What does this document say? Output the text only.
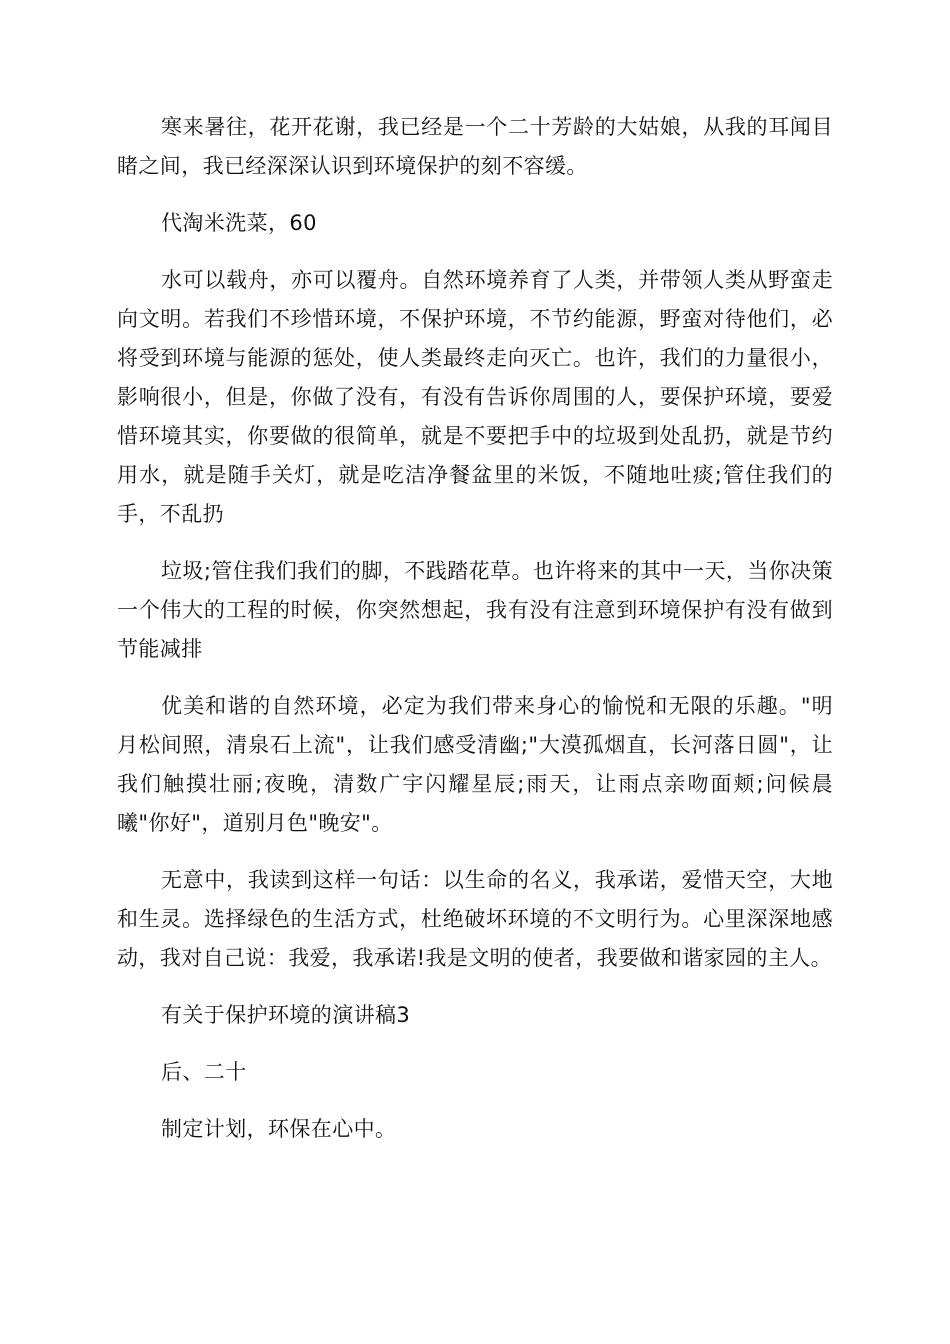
寒来暑往，花开花谢，我已经是一个二十芳龄的大姑娘，从我的耳闻目睹之间，我已经深深认识到环境保护的刻不容缓。

代淘米洗菜，60

水可以载舟，亦可以覆舟。自然环境养育了人类，并带领人类从野蛮走向文明。若我们不珍惜环境，不保护环境，不节约能源，野蛮对待他们，必将受到环境与能源的惩处，使人类最终走向灭亡。也许，我们的力量很小，影响很小，但是，你做了没有，有没有告诉你周围的人，要保护环境，要爱惜环境其实，你要做的很简单，就是不要把手中的垃圾到处乱扔，就是节约用水，就是随手关灯，就是吃洁净餐盆里的米饭，不随地吐痰;管住我们的手，不乱扔

垃圾;管住我们我们的脚，不践踏花草。也许将来的其中一天，当你决策一个伟大的工程的时候，你突然想起，我有没有注意到环境保护有没有做到节能减排

优美和谐的自然环境，必定为我们带来身心的愉悦和无限的乐趣。"明月松间照，清泉石上流"，让我们感受清幽;"大漠孤烟直，长河落日圆"，让我们触摸壮丽;夜晚，清数广宇闪耀星辰;雨天，让雨点亲吻面颊;问候晨曦"你好"，道别月色"晚安"。

无意中，我读到这样一句话：以生命的名义，我承诺，爱惜天空，大地和生灵。选择绿色的生活方式，杜绝破坏环境的不文明行为。心里深深地感动，我对自己说：我爱，我承诺!我是文明的使者，我要做和谐家园的主人。

有关于保护环境的演讲稿3

后、二十

制定计划，环保在心中。
